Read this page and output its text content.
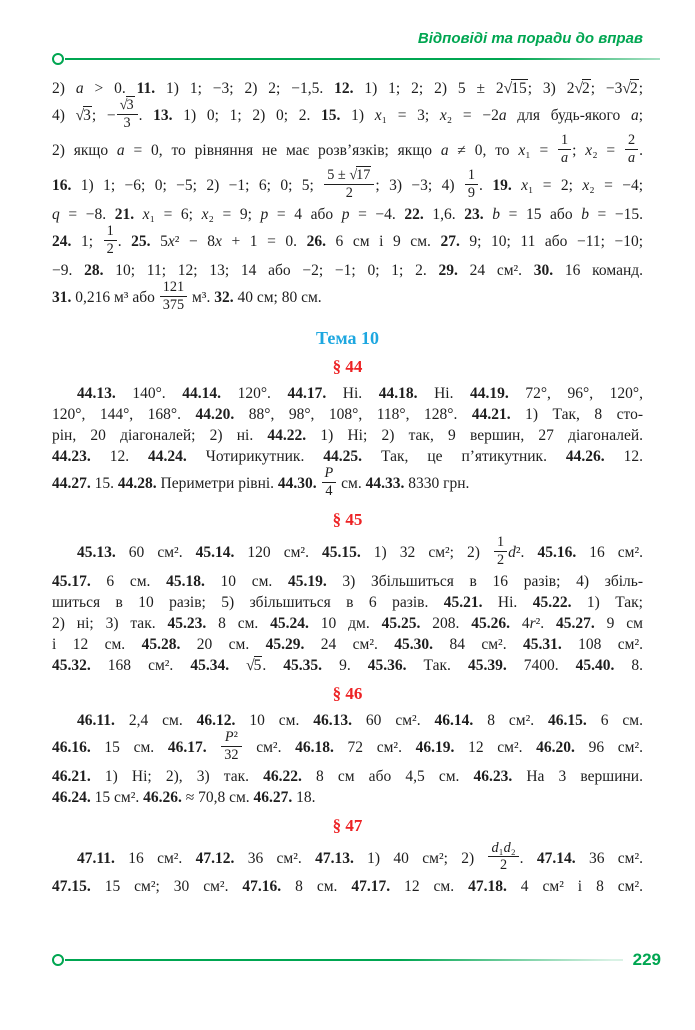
Відповіді та поради до вправ
2) a > 0. 11. 1) 1; −3; 2) 2; −1,5. 12. 1) 1; 2; 2) 5 ± 2√15; 3) 2√2; −3√2;
4) √3; − $\frac{√3}{3}$ . 13. 1) 0; 1; 2) 0; 2. 15. 1) x₁ = 3; x₂ = −2a для будь-якого a;
2) якщо a = 0, то рівняння не має розв’язків; якщо a ≠ 0, то $x_1 = \frac{1}{a}$ ; $x_2 = \frac{2}{a}$ .
16. 1) 1; −6; 0; −5; 2) −1; 6; 0; 5; $\frac{5 \pm √17}{2}$ ; 3) −3; $4) \frac{1}{9}$ . 19. x₁ = 2; x₂ = −4;
q = −8. 21. x₁ = 6; x₂ = 9; p = 4 або p = −4. 22. 1,6. 23. b = 15 або b = −15.
24. 1; $\frac{1}{2}$ . 25. 5x² − 8x + 1 = 0. 26. 6 см і 9 см. 27. 9; 10; 11 або −11; −10;
−9. 28. 10; 11; 12; 13; 14 або −2; −1; 0; 1; 2. 29. 24 см². 30. 16 команд.
31. 0,216 м³ або $\frac{121}{375} м^3$. 32. 40 см; 80 см.
Тема 10
§ 44
44.13. 140°. 44.14. 120°. 44.17. Ні. 44.18. Ні. 44.19. 72°, 96°, 120°,
120°, 144°, 168°. 44.20. 88°, 98°, 108°, 118°, 128°. 44.21. 1) Так, 8 сто-
рін, 20 діагоналей; 2) ні. 44.22. 1) Ні; 2) так, 9 вершин, 27 діагоналей.
44.23. 12. 44.24. Чотирикутник. 44.25. Так, це п’ятикутник. 44.26. 12.
44.27. 15. 44.28. Периметри рівні. 44.30. $\frac{P}{4}$ см. 44.33. 8330 грн.
§ 45
45.13. 60 см². 45.14. 120 см². 45.15. 1) 32 см²; $2) \frac{1}{2} d^2$. 45.16. 16 см².
45.17. 6 см. 45.18. 10 см. 45.19. 3) Збільшиться в 16 разів; 4) збіль-
шиться в 10 разів; 5) збільшиться в 6 разів. 45.21. Ні. 45.22. 1) Так;
2) ні; 3) так. 45.23. 8 см. 45.24. 10 дм. 45.25. 208. 45.26. 4r². 45.27. 9 см
і 12 см. 45.28. 20 см. 45.29. 24 см². 45.30. 84 см². 45.31. 108 см².
45.32. 168 см². 45.34. √5. 45.35. 9. 45.36. Так. 45.39. 7400. 45.40. 8.
§ 46
46.11. 2,4 см. 46.12. 10 см. 46.13. 60 см². 46.14. 8 см². 46.15. 6 см.
46.16. 15 см. 46.17. $\frac{\text{P²}}{32} см^2$. 46.18. 72 см². 46.19. 12 см². 46.20. 96 см².
46.21. 1) Ні; 2), 3) так. 46.22. 8 см або 4,5 см. 46.23. На 3 вершини.
46.24. 15 см². 46.26. ≈ 70,8 см. 46.27. 18.
§ 47
47.11. 16 см². 47.12. 36 см². 47.13. 1) 40 см²; $2) \frac{\text{d₁d₂}}{2}$ . 47.14. 36 см².
47.15. 15 см²; 30 см². 47.16. 8 см. 47.17. 12 см. 47.18. 4 см² і 8 см².
229
